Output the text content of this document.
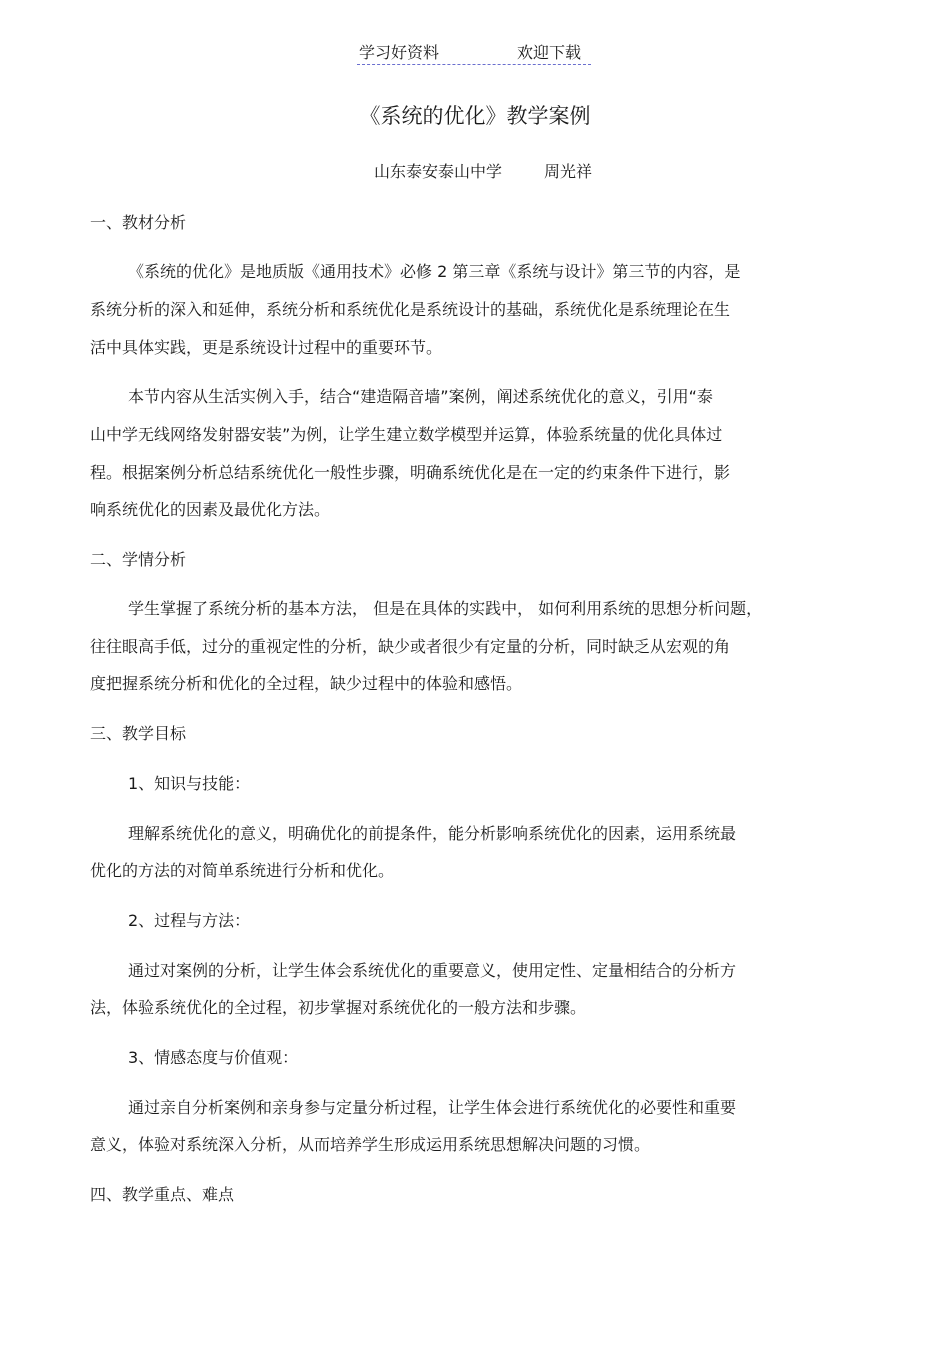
学习好资料	欢迎下载
《系统的优化》教学案例
山东泰安泰山中学	周光祥
一、教材分析
《系统的优化》是地质版《通用技术》必修 2 第三章《系统与设计》第三节的内容，是
系统分析的深入和延伸，系统分析和系统优化是系统设计的基础，系统优化是系统理论在生
活中具体实践，更是系统设计过程中的重要环节。
本节内容从生活实例入手，结合“建造隔音墙”案例，阐述系统优化的意义，引用“泰
山中学无线网络发射器安装”为例，让学生建立数学模型并运算，体验系统量的优化具体过
程。根据案例分析总结系统优化一般性步骤，明确系统优化是在一定的约束条件下进行，影
响系统优化的因素及最优化方法。
二、学情分析
学生掌握了系统分析的基本方法， 但是在具体的实践中， 如何利用系统的思想分析问题，
往往眼高手低，过分的重视定性的分析，缺少或者很少有定量的分析，同时缺乏从宏观的角
度把握系统分析和优化的全过程，缺少过程中的体验和感悟。
三、教学目标
1、知识与技能：
理解系统优化的意义，明确优化的前提条件，能分析影响系统优化的因素，运用系统最
优化的方法的对简单系统进行分析和优化。
2、过程与方法：
通过对案例的分析，让学生体会系统优化的重要意义，使用定性、定量相结合的分析方
法，体验系统优化的全过程，初步掌握对系统优化的一般方法和步骤。
3、情感态度与价值观：
通过亲自分析案例和亲身参与定量分析过程，让学生体会进行系统优化的必要性和重要
意义，体验对系统深入分析，从而培养学生形成运用系统思想解决问题的习惯。
四、教学重点、难点
